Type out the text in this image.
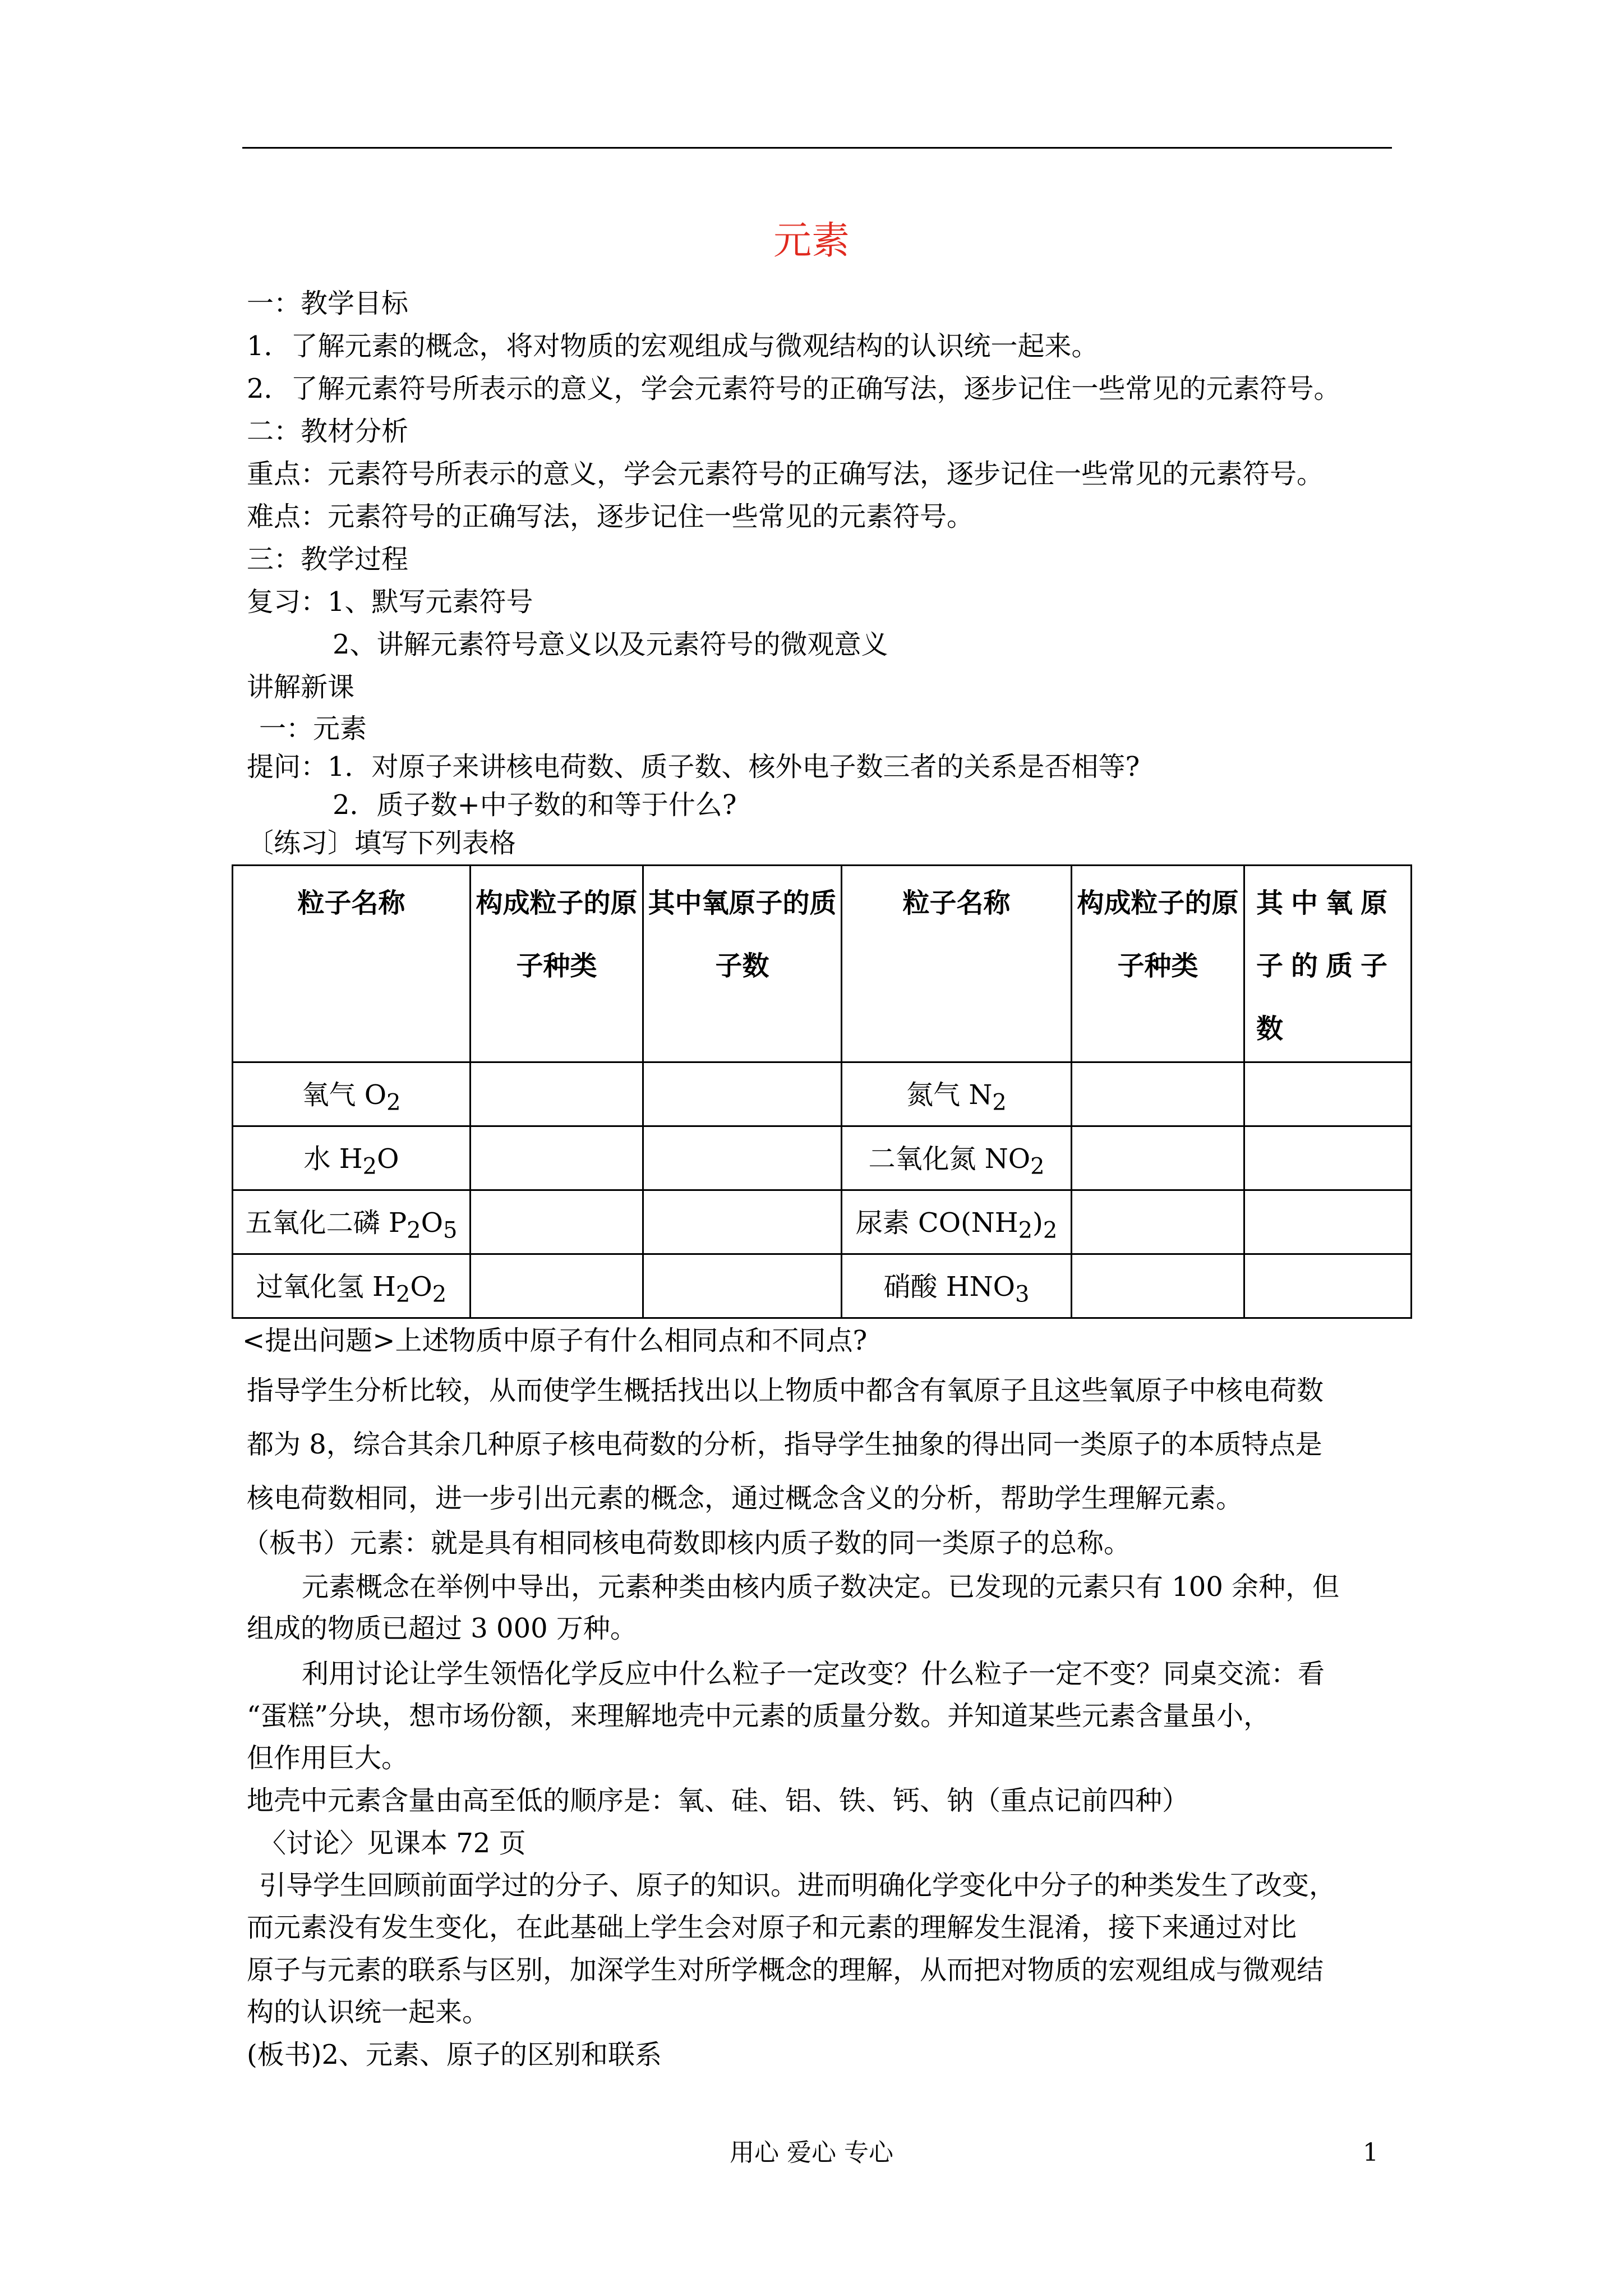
元素
一：教学目标
1．了解元素的概念，将对物质的宏观组成与微观结构的认识统一起来。
2．了解元素符号所表示的意义，学会元素符号的正确写法，逐步记住一些常见的元素符号。
二：教材分析
重点：元素符号所表示的意义，学会元素符号的正确写法，逐步记住一些常见的元素符号。
难点：元素符号的正确写法，逐步记住一些常见的元素符号。
三：教学过程
复习：1、默写元素符号
2、讲解元素符号意义以及元素符号的微观意义
讲解新课
一：元素
提问：1．对原子来讲核电荷数、质子数、核外电子数三者的关系是否相等?
2．质子数+中子数的和等于什么?
〔练习〕填写下列表格
粒子名称	构成粒子的原子种类	其中氧原子的质子数	粒子名称	构成粒子的原子种类	其中氧原子的质子数
氧气 $O_2$			氮气 $N_2$		
水 $H_2O$			二氧化氮 $NO_2$		
五氧化二磷 $P_2O_5$			尿素 $CO(NH_2)_2$		
过氧化氢 $H_2O_2$			硝酸 $HNO_3$		
<提出问题>上述物质中原子有什么相同点和不同点?
指导学生分析比较，从而使学生概括找出以上物质中都含有氧原子且这些氧原子中核电荷数
都为 8，综合其余几种原子核电荷数的分析，指导学生抽象的得出同一类原子的本质特点是
核电荷数相同，进一步引出元素的概念，通过概念含义的分析，帮助学生理解元素。
（板书）元素：就是具有相同核电荷数即核内质子数的同一类原子的总称。
元素概念在举例中导出，元素种类由核内质子数决定。已发现的元素只有 100 余种，但
组成的物质已超过 3 000 万种。
利用讨论让学生领悟化学反应中什么粒子一定改变？什么粒子一定不变？同桌交流：看
“蛋糕”分块，想市场份额，来理解地壳中元素的质量分数。并知道某些元素含量虽小，
但作用巨大。
地壳中元素含量由高至低的顺序是：氧、硅、铝、铁、钙、钠（重点记前四种）
〈讨论〉见课本 72 页
引导学生回顾前面学过的分子、原子的知识。进而明确化学变化中分子的种类发生了改变，
而元素没有发生变化，在此基础上学生会对原子和元素的理解发生混淆，接下来通过对比
原子与元素的联系与区别，加深学生对所学概念的理解，从而把对物质的宏观组成与微观结
构的认识统一起来。
(板书)2、元素、原子的区别和联系
用心 爱心 专心	1
